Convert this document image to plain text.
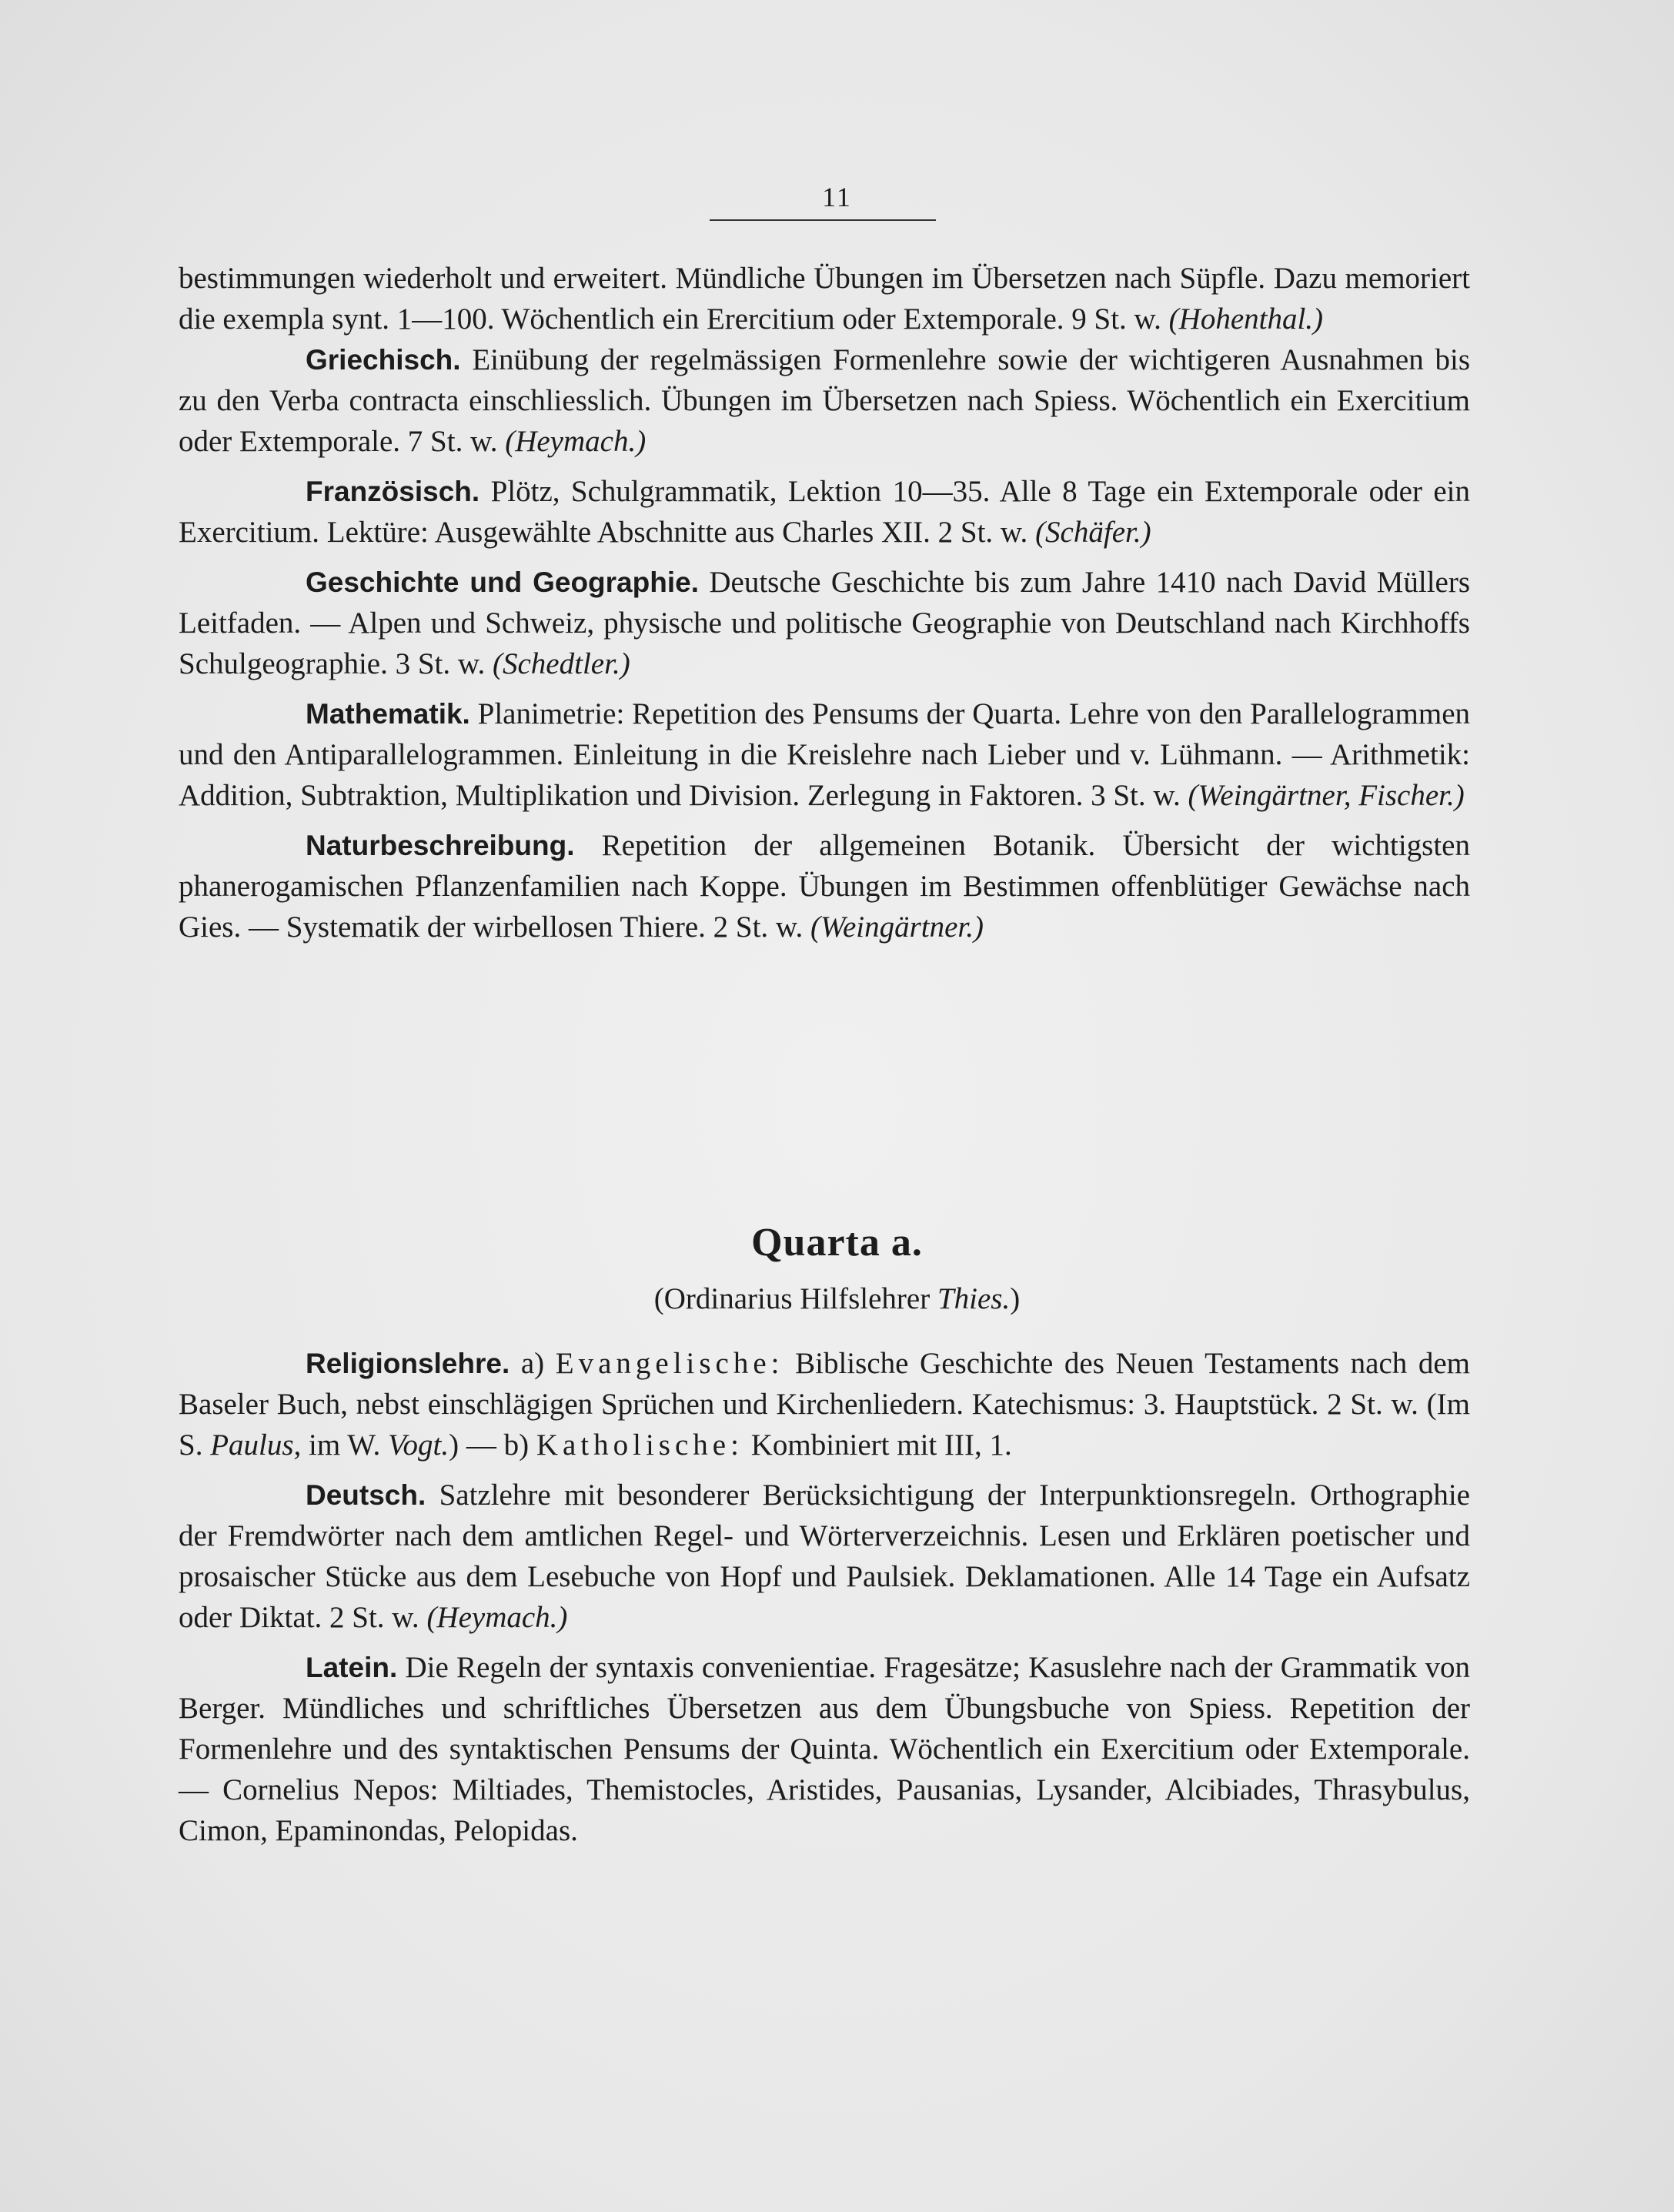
11

bestimmungen wiederholt und erweitert. Mündliche Übungen im Übersetzen nach Süpfle. Dazu memoriert die exempla synt. 1—100. Wöchentlich ein Erercitium oder Extemporale. 9 St. w. (Hohenthal.)

Griechisch. Einübung der regelmässigen Formenlehre sowie der wichtigeren Ausnahmen bis zu den Verba contracta einschliesslich. Übungen im Übersetzen nach Spiess. Wöchentlich ein Exercitium oder Extemporale. 7 St. w. (Heymach.)

Französisch. Plötz, Schulgrammatik, Lektion 10—35. Alle 8 Tage ein Extemporale oder ein Exercitium. Lektüre: Ausgewählte Abschnitte aus Charles XII. 2 St. w. (Schäfer.)

Geschichte und Geographie. Deutsche Geschichte bis zum Jahre 1410 nach David Müllers Leitfaden. — Alpen und Schweiz, physische und politische Geographie von Deutschland nach Kirchhoffs Schulgeographie. 3 St. w. (Schedtler.)

Mathematik. Planimetrie: Repetition des Pensums der Quarta. Lehre von den Parallelogrammen und den Antiparallelogrammen. Einleitung in die Kreislehre nach Lieber und v. Lühmann. — Arithmetik: Addition, Subtraktion, Multiplikation und Division. Zerlegung in Faktoren. 3 St. w. (Weingärtner, Fischer.)

Naturbeschreibung. Repetition der allgemeinen Botanik. Übersicht der wichtigsten phanerogamischen Pflanzenfamilien nach Koppe. Übungen im Bestimmen offenblütiger Gewächse nach Gies. — Systematik der wirbellosen Thiere. 2 St. w. (Weingärtner.)

Quarta a.
(Ordinarius Hilfslehrer Thies.)

Religionslehre. a) Evangelische: Biblische Geschichte des Neuen Testaments nach dem Baseler Buch, nebst einschlägigen Sprüchen und Kirchenliedern. Katechismus: 3. Hauptstück. 2 St. w. (Im S. Paulus, im W. Vogt.) — b) Katholische: Kombiniert mit III, 1.

Deutsch. Satzlehre mit besonderer Berücksichtigung der Interpunktionsregeln. Orthographie der Fremdwörter nach dem amtlichen Regel- und Wörterverzeichnis. Lesen und Erklären poetischer und prosaischer Stücke aus dem Lesebuche von Hopf und Paulsiek. Deklamationen. Alle 14 Tage ein Aufsatz oder Diktat. 2 St. w. (Heymach.)

Latein. Die Regeln der syntaxis convenientiae. Fragesätze; Kasuslehre nach der Grammatik von Berger. Mündliches und schriftliches Übersetzen aus dem Übungsbuche von Spiess. Repetition der Formenlehre und des syntaktischen Pensums der Quinta. Wöchentlich ein Exercitium oder Extemporale. — Cornelius Nepos: Miltiades, Themistocles, Aristides, Pausanias, Lysander, Alcibiades, Thrasybulus, Cimon, Epaminondas, Pelopidas.
